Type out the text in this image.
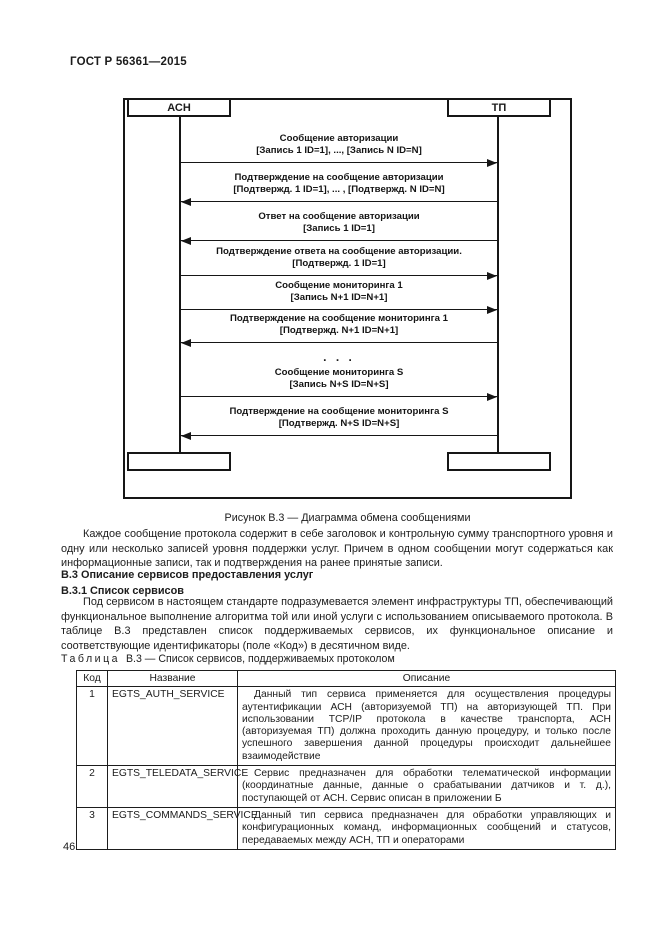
ГОСТ Р 56361—2015
АСН	ТП
Сообщение авторизации
[Запись 1 ID=1], ..., [Запись N ID=N]
Подтверждение на сообщение авторизации
[Подтвержд. 1 ID=1], ... , [Подтвержд. N ID=N]
Ответ на сообщение авторизации
[Запись 1 ID=1]
Подтверждение ответа на сообщение авторизации.
[Подтвержд. 1 ID=1]
Сообщение мониторинга 1
[Запись N+1 ID=N+1]
Подтверждение на сообщение мониторинга 1
[Подтвержд. N+1 ID=N+1]
Сообщение мониторинга S
[Запись N+S ID=N+S]
Подтверждение на сообщение мониторинга S
[Подтвержд. N+S ID=N+S]
. . .
Рисунок В.3 — Диаграмма обмена сообщениями

Каждое сообщение протокола содержит в себе заголовок и контрольную сумму транспортного уровня и одну или несколько записей уровня поддержки услуг. Причем в одном сообщении могут содержаться как информационные записи, так и подтверждения на ранее принятые записи.

В.3 Описание сервисов предоставления услуг

В.3.1 Список сервисов

Под сервисом в настоящем стандарте подразумевается элемент инфраструктуры ТП, обеспечивающий функциональное выполнение алгоритма той или иной услуги с использованием описываемого протокола. В таблице В.3 представлен список поддерживаемых сервисов, их функциональное описание и соответствующие идентификаторы (поле «Код») в десятичном виде.

Таблица В.3 — Список сервисов, поддерживаемых протоколом
Код	Название	Описание
1	EGTS_AUTH_SERVICE	Данный тип сервиса применяется для осуществления процедуры аутентификации АСН (авторизуемой ТП) на авторизующей ТП. При использовании TCP/IP протокола в качестве транспорта, АСН (авторизуемая ТП) должна проходить данную процедуру, и только после успешного завершения данной процедуры происходит дальнейшее взаимодействие
2	EGTS_TELEDATA_SERVICE	Сервис предназначен для обработки телематической информации (координатные данные, данные о срабатывании датчиков и т. д.), поступающей от АСН. Сервис описан в приложении Б
3	EGTS_COMMANDS_SERVICE	Данный тип сервиса предназначен для обработки управляющих и конфигурационных команд, информационных сообщений и статусов, передаваемых между АСН, ТП и операторами
46
